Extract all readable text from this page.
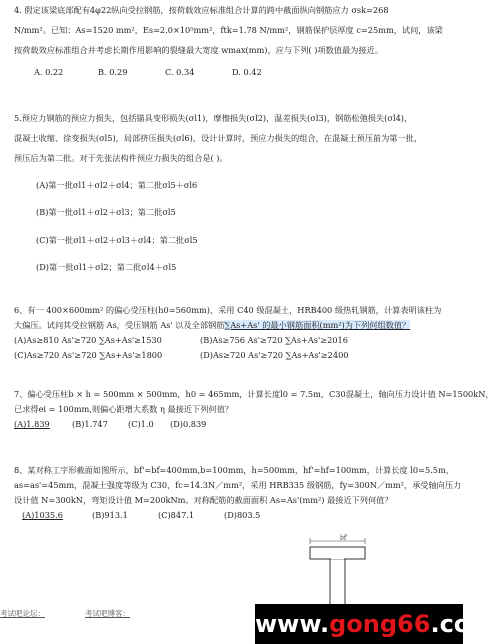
4. 假定该梁底部配有4φ22纵向受拉钢筋，按荷载效应标准组合计算的跨中截面纵向钢筋应力 σsk=268
N/mm²。已知：As=1520 mm²，Es=2.0×10⁵mm²，ftk=1.78 N/mm²，钢筋保护层厚度 c=25mm，试问，该梁
按荷载效应标准组合并考虑长期作用影响的裂缝最大宽度 wmax(mm)，应与下列( )项数值最为接近。
A. 0.22	B. 0.29	C. 0.34	D. 0.42
5.预应力钢筋的预应力损失，包括锚具变形损失(σl1)，摩擦损失(σl2)，温差损失(σl3)，钢筋松弛损失(σl4)，
混凝土收缩、徐变损失(σl5)，局部挤压损失(σl6)，设计计算时，预应力损失的组合，在混凝土预压前为第一批，
预压后为第二批。对于先张法构件预应力损失的组合是( )。
(A)第一批σl1＋σl2＋σl4；第二批σl5＋σl6
(B)第一批σl1＋σl2＋σl3；第二批σl5
(C)第一批σl1＋σl2＋σl3＋σl4；第二批σl5
(D)第一批σl1＋σl2；第二批σl4＋σl5
6、有一 400×600mm² 的偏心受压柱(h0=560mm)，采用 C40 级混凝土，HRB400 级热轧钢筋，计算表明该柱为
大偏压。试问其受拉钢筋 As，受压钢筋 As' 以及全部钢筋∑As+As' 的最小钢筋面积(mm²)为下列何组数值？
(A)As≥810 As'≥720 ∑As+As'≥1530	(B)As≥756 As'≥720 ∑As+As'≥2016
(C)As≥720 As'≥720 ∑As+As'≥1800	(D)As≥720 As'≥720 ∑As+As'≥2400
7、偏心受压柱b × h = 500mm × 500mm，h0 = 465mm，计算长度l0 = 7.5m，C30混凝土，轴向压力设计值 N=1500kN，
已求得ei = 100mm,则偏心距增大系数 η 最接近下列何值？
(A)1.839	(B)1.747 (C)1.0 (D)0.839
8、某对称工字形截面如图所示，bf'=bf=400mm,b=100mm，h=500mm，hf'=hf=100mm，计算长度 l0=5.5m，
as=as'=45mm，混凝土强度等级为 C30，fc=14.3N／mm²，采用 HRB335 级钢筋，fy=300N／mm²，承受轴向压力
设计值 N=300kN，弯矩设计值 M=200kNm。对称配筋的截面面积 As=As'(mm²) 最接近下列何值？
(A)1035.6	(B)913.1	(C)847.1	(D)803.5
bf'
考试吧论坛：	考试吧博客：	www.gong66.com
